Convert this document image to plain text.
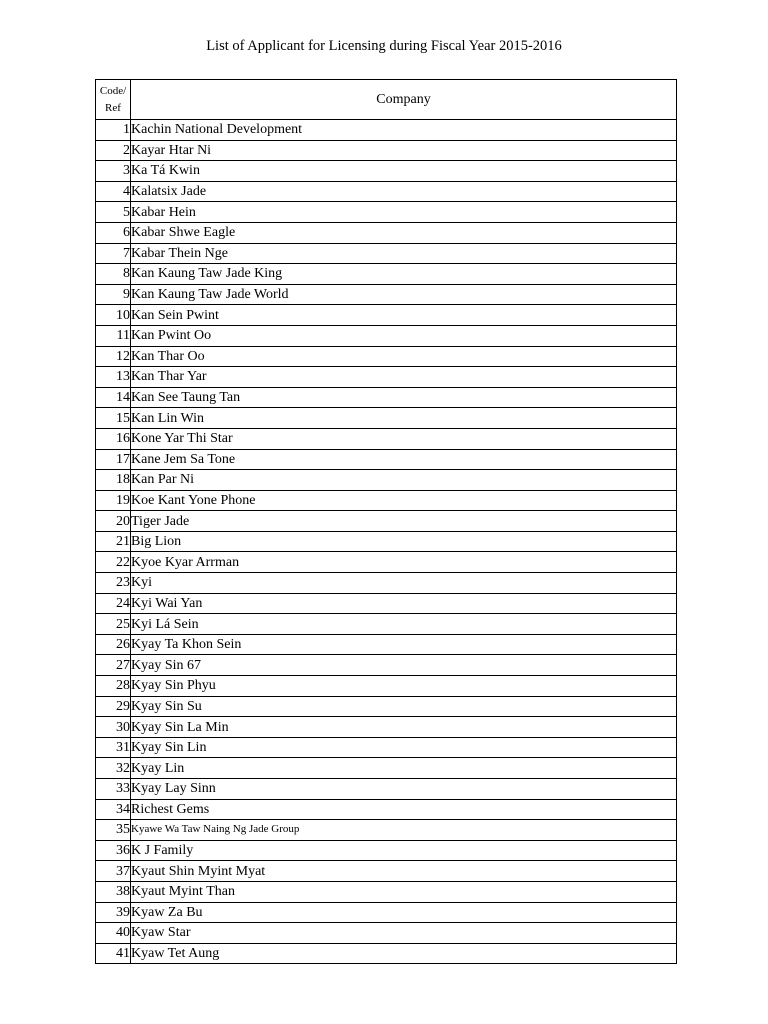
List of Applicant for Licensing during Fiscal Year 2015-2016
Code/
Ref	Company
1	Kachin National Development
2	Kayar Htar Ni
3	Ka Tá Kwin
4	Kalatsix Jade
5	Kabar Hein
6	Kabar Shwe Eagle
7	Kabar Thein Nge
8	Kan Kaung Taw Jade King
9	Kan Kaung Taw Jade World
10	Kan Sein Pwint
11	Kan Pwint Oo
12	Kan Thar Oo
13	Kan Thar Yar
14	Kan See Taung Tan
15	Kan Lin Win
16	Kone Yar Thi Star
17	Kane Jem Sa Tone
18	Kan Par Ni
19	Koe Kant Yone Phone
20	Tiger Jade
21	Big Lion
22	Kyoe Kyar Arrman
23	Kyi
24	Kyi Wai Yan
25	Kyi Lá Sein
26	Kyay Ta Khon Sein
27	Kyay Sin 67
28	Kyay Sin Phyu
29	Kyay Sin Su
30	Kyay Sin La Min
31	Kyay Sin Lin
32	Kyay Lin
33	Kyay Lay Sinn
34	Richest Gems
35	Kyawe Wa Taw Naing Ng Jade Group
36	K J Family
37	Kyaut Shin Myint Myat
38	Kyaut Myint Than
39	Kyaw Za Bu
40	Kyaw Star
41	Kyaw Tet Aung
